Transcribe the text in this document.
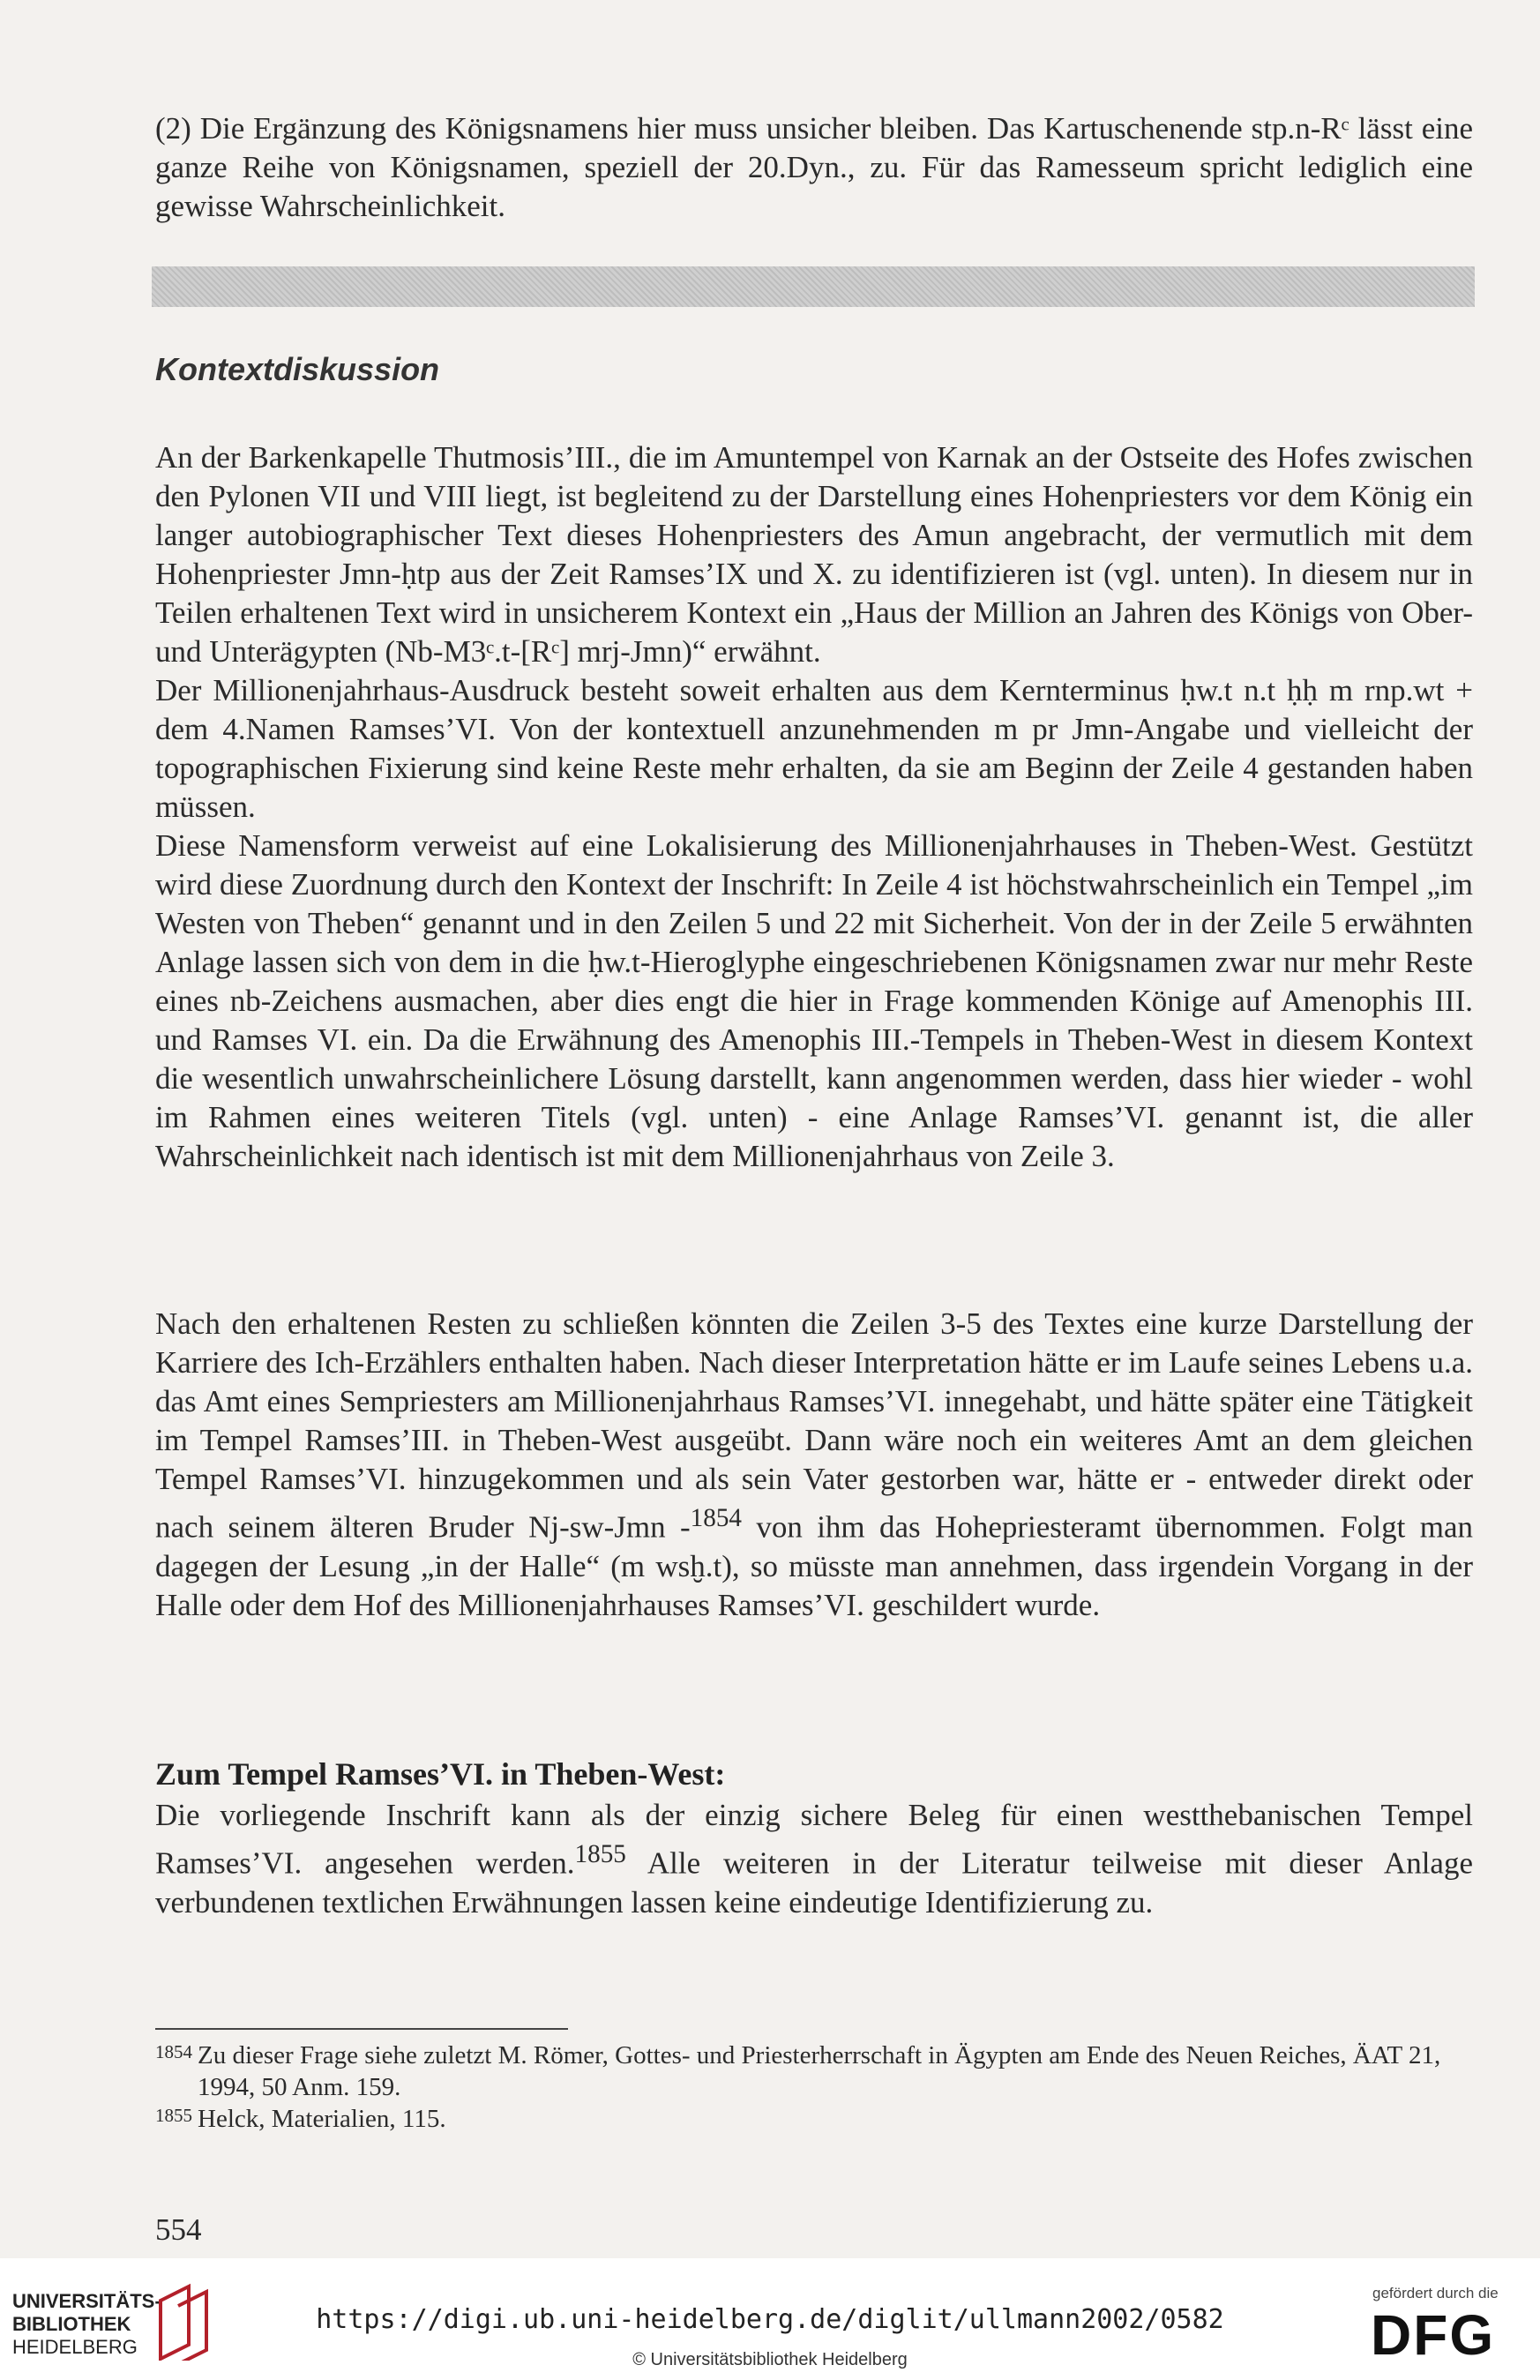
(2) Die Ergänzung des Königsnamens hier muss unsicher bleiben. Das Kartuschenende stp.n-Rᶜ lässt eine ganze Reihe von Königsnamen, speziell der 20.Dyn., zu. Für das Ramesseum spricht lediglich eine gewisse Wahrscheinlichkeit.

Kontextdiskussion

An der Barkenkapelle Thutmosis’III., die im Amuntempel von Karnak an der Ostseite des Hofes zwischen den Pylonen VII und VIII liegt, ist begleitend zu der Darstellung eines Hohenpriesters vor dem König ein langer autobiographischer Text dieses Hohenpriesters des Amun angebracht, der vermutlich mit dem Hohenpriester Jmn-ḥtp aus der Zeit Ramses’IX und X. zu identifizieren ist (vgl. unten). In diesem nur in Teilen erhaltenen Text wird in unsicherem Kontext ein „Haus der Million an Jahren des Königs von Ober- und Unterägypten (Nb-M3ᶜ.t-[Rᶜ] mrj-Jmn)“ erwähnt.

Der Millionenjahrhaus-Ausdruck besteht soweit erhalten aus dem Kernterminus ḥw.t n.t ḥḥ m rnp.wt + dem 4.Namen Ramses’VI. Von der kontextuell anzunehmenden m pr Jmn-Angabe und vielleicht der topographischen Fixierung sind keine Reste mehr erhalten, da sie am Beginn der Zeile 4 gestanden haben müssen.

Diese Namensform verweist auf eine Lokalisierung des Millionenjahrhauses in Theben-West. Gestützt wird diese Zuordnung durch den Kontext der Inschrift: In Zeile 4 ist höchstwahrscheinlich ein Tempel „im Westen von Theben“ genannt und in den Zeilen 5 und 22 mit Sicherheit. Von der in der Zeile 5 erwähnten Anlage lassen sich von dem in die ḥw.t-Hieroglyphe eingeschriebenen Königsnamen zwar nur mehr Reste eines nb-Zeichens ausmachen, aber dies engt die hier in Frage kommenden Könige auf Amenophis III. und Ramses VI. ein. Da die Erwähnung des Amenophis III.-Tempels in Theben-West in diesem Kontext die wesentlich unwahrscheinlichere Lösung darstellt, kann angenommen werden, dass hier wieder - wohl im Rahmen eines weiteren Titels (vgl. unten) - eine Anlage Ramses’VI. genannt ist, die aller Wahrscheinlichkeit nach identisch ist mit dem Millionenjahrhaus von Zeile 3.

Nach den erhaltenen Resten zu schließen könnten die Zeilen 3-5 des Textes eine kurze Darstellung der Karriere des Ich-Erzählers enthalten haben. Nach dieser Interpretation hätte er im Laufe seines Lebens u.a. das Amt eines Sempriesters am Millionenjahrhaus Ramses’VI. innegehabt, und hätte später eine Tätigkeit im Tempel Ramses’III. in Theben-West ausgeübt. Dann wäre noch ein weiteres Amt an dem gleichen Tempel Ramses’VI. hinzugekommen und als sein Vater gestorben war, hätte er - entweder direkt oder nach seinem älteren Bruder Nj-sw-Jmn -$^{1854}$ von ihm das Hohepriesteramt übernommen. Folgt man dagegen der Lesung „in der Halle“ (m wsḫ.t), so müsste man annehmen, dass irgendein Vorgang in der Halle oder dem Hof des Millionenjahrhauses Ramses’VI. geschildert wurde.

Zum Tempel Ramses’VI. in Theben-West:

Die vorliegende Inschrift kann als der einzig sichere Beleg für einen westthebanischen Tempel Ramses’VI. angesehen werden.$^{1855}$ Alle weiteren in der Literatur teilweise mit dieser Anlage verbundenen textlichen Erwähnungen lassen keine eindeutige Identifizierung zu.

1854 Zu dieser Frage siehe zuletzt M. Römer, Gottes- und Priesterherrschaft in Ägypten am Ende des Neuen Reiches, ÄAT 21, 1994, 50 Anm. 159.
1855 Helck, Materialien, 115.
554
UNIVERSITÄTS-
BIBLIOTHEK
HEIDELBERG
https://digi.ub.uni-heidelberg.de/diglit/ullmann2002/0582
© Universitätsbibliothek Heidelberg
gefördert durch die
DFG
